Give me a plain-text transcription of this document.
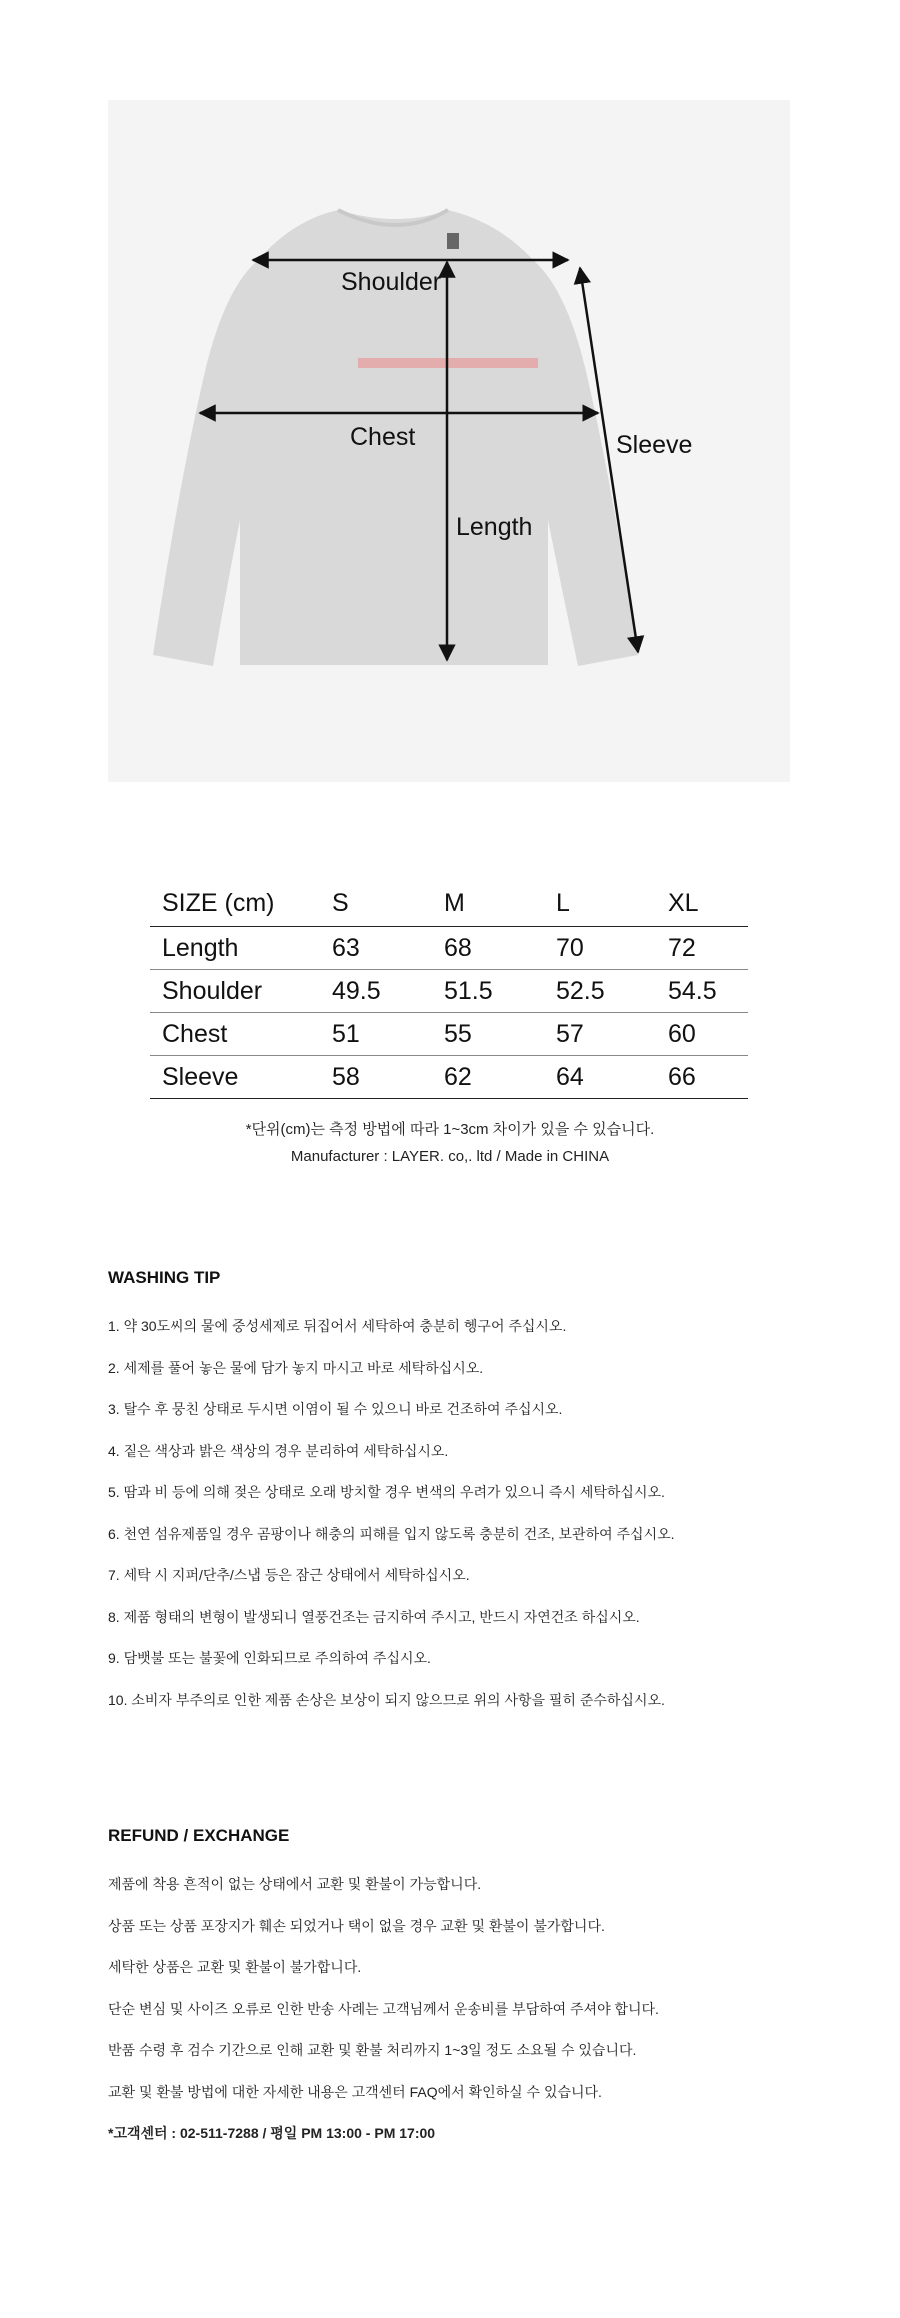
Shoulder
Chest
Length
Sleeve
SIZE (cm)	S	M	L	XL
Length	63	68	70	72
Shoulder	49.5	51.5	52.5	54.5
Chest	51	55	57	60
Sleeve	58	62	64	66
*단위(cm)는 측정 방법에 따라 1~3cm 차이가 있을 수 있습니다.
Manufacturer : LAYER. co,. ltd / Made in CHINA
WASHING TIP
1. 약 30도씨의 물에 중성세제로 뒤집어서 세탁하여 충분히 헹구어 주십시오.
2. 세제를 풀어 놓은 물에 담가 놓지 마시고 바로 세탁하십시오.
3. 탈수 후 뭉친 상태로 두시면 이염이 될 수 있으니 바로 건조하여 주십시오.
4. 짙은 색상과 밝은 색상의 경우 분리하여 세탁하십시오.
5. 땀과 비 등에 의해 젖은 상태로 오래 방치할 경우 변색의 우려가 있으니 즉시 세탁하십시오.
6. 천연 섬유제품일 경우 곰팡이나 해충의 피해를 입지 않도록 충분히 건조, 보관하여 주십시오.
7. 세탁 시 지퍼/단추/스냅 등은 잠근 상태에서 세탁하십시오.
8. 제품 형태의 변형이 발생되니 열풍건조는 금지하여 주시고, 반드시 자연건조 하십시오.
9. 담뱃불 또는 불꽃에 인화되므로 주의하여 주십시오.
10. 소비자 부주의로 인한 제품 손상은 보상이 되지 않으므로 위의 사항을 필히 준수하십시오.
REFUND / EXCHANGE
제품에 착용 흔적이 없는 상태에서 교환 및 환불이 가능합니다.
상품 또는 상품 포장지가 훼손 되었거나 택이 없을 경우 교환 및 환불이 불가합니다.
세탁한 상품은 교환 및 환불이 불가합니다.
단순 변심 및 사이즈 오류로 인한 반송 사례는 고객님께서 운송비를 부담하여 주셔야 합니다.
반품 수령 후 검수 기간으로 인해 교환 및 환불 처리까지 1~3일 정도 소요될 수 있습니다.
교환 및 환불 방법에 대한 자세한 내용은 고객센터 FAQ에서 확인하실 수 있습니다.
*고객센터 : 02-511-7288 / 평일 PM 13:00 - PM 17:00
